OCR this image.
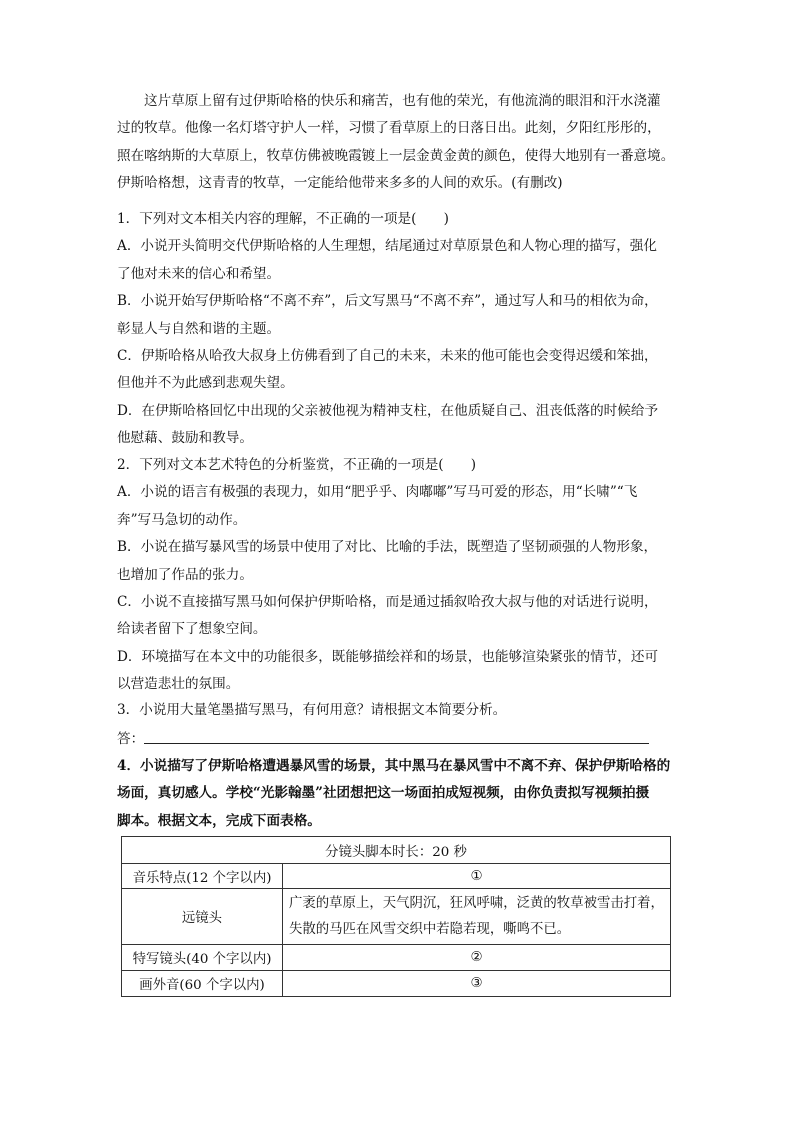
这片草原上留有过伊斯哈格的快乐和痛苦，也有他的荣光，有他流淌的眼泪和汗水浇灌
过的牧草。他像一名灯塔守护人一样，习惯了看草原上的日落日出。此刻，夕阳红彤彤的，
照在喀纳斯的大草原上，牧草仿佛被晚霞镀上一层金黄金黄的颜色，使得大地别有一番意境。
伊斯哈格想，这青青的牧草，一定能给他带来多多的人间的欢乐。(有删改)
1．下列对文本相关内容的理解，不正确的一项是(　　)
A．小说开头简明交代伊斯哈格的人生理想，结尾通过对草原景色和人物心理的描写，强化
了他对未来的信心和希望。
B．小说开始写伊斯哈格“不离不弃”，后文写黑马“不离不弃”，通过写人和马的相依为命，
彰显人与自然和谐的主题。
C．伊斯哈格从哈孜大叔身上仿佛看到了自己的未来，未来的他可能也会变得迟缓和笨拙，
但他并不为此感到悲观失望。
D．在伊斯哈格回忆中出现的父亲被他视为精神支柱，在他质疑自己、沮丧低落的时候给予
他慰藉、鼓励和教导。
2．下列对文本艺术特色的分析鉴赏，不正确的一项是(　　)
A．小说的语言有极强的表现力，如用“肥乎乎、肉嘟嘟”写马可爱的形态，用“长啸”“飞
奔”写马急切的动作。
B．小说在描写暴风雪的场景中使用了对比、比喻的手法，既塑造了坚韧顽强的人物形象，
也增加了作品的张力。
C．小说不直接描写黑马如何保护伊斯哈格，而是通过插叙哈孜大叔与他的对话进行说明，
给读者留下了想象空间。
D．环境描写在本文中的功能很多，既能够描绘祥和的场景，也能够渲染紧张的情节，还可
以营造悲壮的氛围。
3．小说用大量笔墨描写黑马，有何用意？请根据文本简要分析。
答：
4．小说描写了伊斯哈格遭遇暴风雪的场景，其中黑马在暴风雪中不离不弃、保护伊斯哈格的
场面，真切感人。学校“光影翰墨”社团想把这一场面拍成短视频，由你负责拟写视频拍摄
脚本。根据文本，完成下面表格。
分镜头脚本时长：20 秒	
音乐特点(12 个字以内)	①
远镜头	广袤的草原上，天气阴沉，狂风呼啸，泛黄的牧草被雪击打着，
失散的马匹在风雪交织中若隐若现，嘶鸣不已。

特写镜头(40 个字以内)	②
画外音(60 个字以内)	③
